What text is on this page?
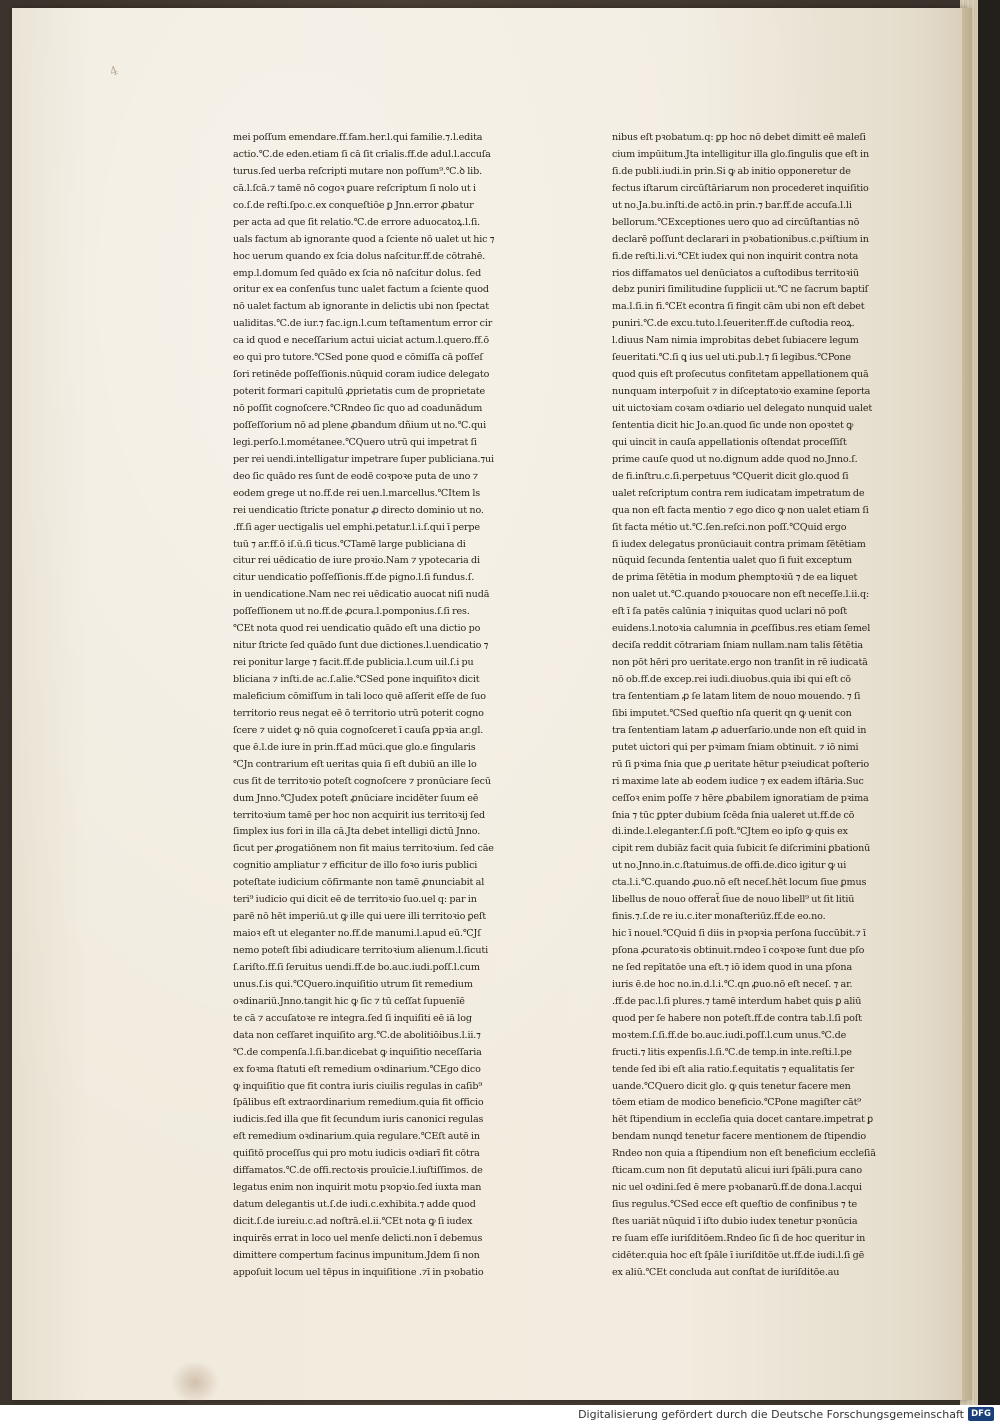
4
mei poſſum emendare.ff.fam.her.l.qui familie.⁊.l.edita
actio.℃.de eden.etiam ſi cā ſit crīalis.ff.de adul.l.accuſa
turus.ſed uerba reſcripti mutare non poſſum⁹.℃.ꝺ lib.
cā.l.ſcā.⁊ tamē nō cogoꝛ ꝑuare reſcriptum ſi nolo ut i
co.ſ.de reſti.ſpo.c.ex conqueſtiōe ꝑ Jnn.error ꝓbatur
per acta ad que ſit relatio.℃.de errore aduocatoꝝ.l.ſi.
uals factum ab ignorante quod a ſciente nō ualet ut hic ⁊
hoc uerum quando ex ſcia dolus naſcitur.ff.de cōtrahē.
emp.l.domum ſed quādo ex ſcia nō naſcitur dolus. ſed
oritur ex ea conſenſus tunc ualet factum a ſciente quod
nō ualet factum ab ignorante in delictis ubi non ſpectat
ualiditas.℃.de iur.⁊ fac.ign.l.cum teſtamentum error cir
ca id quod e neceſſarium actui uiciat actum.l.quero.ff.ō
eo qui pro tutore.℃Sed pone quod e cōmiſſa cā poſſeſ
ſori retinēde poſſeſſionis.nūquid coram iudice delegato
poterit formari capitulū ꝓprietatis cum de proprietate
nō poſſit cognoſcere.℃Rndeo ſic quo ad coadunādum
poſſeſſorium nō ad plene ꝓbandum dñium ut no.℃.qui
legi.perſo.l.mométanee.℃Quero utrū qui impetrat ſi
per rei uendi.intelligatur impetrare ſuper publiciana.⁊ui
deo ſic quādo res ſunt de eodē coꝛpoꝛe puta de uno ⁊
eodem grege ut no.ff.de rei uen.l.marcellus.℃Item ls
rei uendicatio ſtricte ponatur ꝓ directo dominio ut no.
.ff.ſi ager uectigalis uel emphi.petatur.l.i.ſ.qui ī perpe
tuū ⁊ ar.ff.ō iſ.ū.ſi ticus.℃Tamē large publiciana di
citur rei uēdicatio de iure proꝛio.Nam ⁊ ypotecaria di
citur uendicatio poſſeſſionis.ff.de pigno.l.ſi fundus.ſ.
in uendicatione.Nam nec rei uēdicatio auocat niſi nudā
poſſeſſionem ut no.ff.de ꝓcura.l.pomponius.ſ.ſi res.
℃Et nota quod rei uendicatio quādo eſt una dictio po
nitur ſtricte ſed quādo ſunt due dictiones.l.uendicatio ⁊
rei ponitur large ⁊ facit.ff.de publicia.l.cum uil.ſ.i pu
bliciana ⁊ inſti.de ac.ſ.alie.℃Sed pone inquiſitoꝛ dicit
maleficium cōmiſſum in tali loco quē aſſerit eſſe de ſuo
territorio reus negat eē ō territorio utrū poterit cogno
ſcere ⁊ uidet ꝙ nō quia cognoſceret ī cauſa ꝑpꝛia ar.gl.
que ē.l.de iure in prin.ff.ad mūci.que glo.e ſingularis
℃Jn contrarium eſt ueritas quia ſi eſt dubiū an ille lo
cus ſit de territoꝛio poteſt cognoſcere ⁊ pronūciare ſecū
dum Jnno.℃Judex poteſt ꝓnūciare incidēter ſuum eē
territoꝛium tamē per hoc non acquirit ius territoꝛij ſed
ſimplex ius fori in illa cā.Jta debet intelligi dictū Jnno.
ſicut per ꝓrogatiōnem non fit maius territoꝛium. ſed cāe
cognitio ampliatur ⁊ efficitur de illo foꝛo iuris publici
poteſtate iudicium cōfirmante non tamē ꝓnunciabit al
teri⁹ iudicio qui dicit eē de territoꝛio ſuo.uel q: par in
parē nō hēt imperiū.ut ꝙ ille qui uere illi territoꝛio ꝑeſt
maioꝛ eſt ut eleganter no.ff.de manumi.l.apud eū.℃Jſ
nemo poteſt ſibi adiudicare territoꝛium alienum.l.ſicuti
ſ.ariſto.ff.ſi ſeruitus uendi.ff.de bo.auc.iudi.poſſ.l.cum
unus.ſ.is qui.℃Quero.inquiſitio utrum ſit remedium
oꝛdinariū.Jnno.tangit hic ꝙ ſic ⁊ tū ceſſat ſupuenīē
te cā ⁊ accuſatoꝛe re integra.ſed ſi inquiſiti eē iā log
data non ceſſaret inquiſito arg.℃.de abolitiōibus.l.ii.⁊
℃.de compenſa.l.ſi.bar.dicebat ꝙ inquiſitio neceſſaria
ex foꝛma ſtatuti eſt remedium oꝛdinarium.℃Ego dico
ꝙ inquiſitio que fit contra iuris ciuilis regulas in caſib⁹
ſpālibus eſt extraordinarium remedium.quia fit officio
iudicis.ſed illa que fit ſecundum iuris canonici regulas
eſt remedium oꝛdinarium.quia regulare.℃Eſt autē in
quiſitō proceſſus qui pro motu iudicis oꝛdiarī fit cōtra
diffamatos.℃.de offi.rectoꝛis prouīcie.l.iuſtiſſimos. de
legatus enim non inquirit motu pꝛopꝛio.ſed iuxta man
datum delegantis ut.ſ.de iudi.c.exhibita.⁊ adde quod
dicit.ſ.de iureiu.c.ad noſtrā.el.ii.℃Et nota ꝙ ſi iudex
inquirēs errat in loco uel menſe delicti.non ī debemus
dimittere compertum facinus impunitum.Jdem ſi non
appoſuit locum uel tēpus in inquiſitione .⁊ī in pꝛobatio
nibus eſt pꝛobatum.q: ꝑp hoc nō debet dimitt eē maleſi
cium impūitum.Jta intelligitur illa glo.ſingulis que eſt in
ſi.de publi.iudi.in prin.Si ꝙ ab initio opponeretur de
fectus iſtarum circūſtāriarum non procederet inquiſitio
ut no.Ja.bu.inſti.de actō.in prin.⁊ bar.ff.de accuſa.l.li
bellorum.℃Exceptiones uero quo ad circūſtantias nō
declarē poſſunt declarari in pꝛobationibus.c.pꝛiſtium in
fi.de reſti.li.vi.℃Et iudex qui non inquirit contra nota
rios diffamatos uel denūciatos a cuſtodibus territoꝛiū
debz puniri ſimilitudine ſupplicii ut.℃ ne ſacrum baptiſ
ma.l.ſi.in fi.℃Et econtra ſi fingit cām ubi non eſt debet
puniri.℃.de excu.tuto.l.ſeueriter.ff.de cuſtodia reoꝝ.
l.diuus Nam nimia improbitas debet ſubiacere legum
ſeueritati.℃.ſi ꝗ ius uel uti.pub.l.⁊ ſi legibus.℃Pone
quod quis eſt proſecutus confitetam appellationem quā
nunquam interpoſuit ⁊ in diſceptatoꝛio examine ſeporta
uit uictoꝛiam coꝛam oꝛdiario uel delegato nunquid ualet
ſententia dicit hic Jo.an.quod ſic unde non opoꝛtet ꝙ
qui uincit in cauſa appellationis oſtendat proceſſiſt
prime cauſe quod ut no.dignum adde quod no.Jnno.ſ.
de fi.inſtru.c.ſi.perpetuus ℃Querit dicit glo.quod ſi
ualet reſcriptum contra rem iudicatam impetratum de
qua non eſt facta mentio ⁊ ego dico ꝙ non ualet etiam ſi
ſit facta métio ut.℃.ſen.reſci.non poſſ.℃Quid ergo
ſi iudex delegatus pronūciauit contra primam ſētētiam
nūquid ſecunda ſententia ualet quo ſi fuit exceptum
de prima ſētētia in modum ꝑhemptoꝛiū ⁊ de ea liquet
non ualet ut.℃.quando pꝛouocare non eſt neceſſe.l.ii.q:
eſt ī ſa patēs calūnia ⁊ iniquitas quod uclari nō poſt
euidens.l.notoꝛia calumnia in ꝓceſſibus.res etiam ſemel
deciſa reddit cōtrariam ſniam nullam.nam talis ſētētia
non pōt hēri pro ueritate.ergo non tranſit in rē iudicatā
nō ob.ff.de excep.rei iudi.diuobus.quia ibi qui eſt cō
tra ſententiam ꝓ ſe latam litem de nouo mouendo. ⁊ ſi
ſibi imputet.℃Sed queſtio nſa querit qn ꝙ uenit con
tra ſententiam latam ꝓ aduerſario.unde non eſt quid in
putet uictori qui per pꝛimam ſniam obtinuit. ⁊ iō nimi
rū ſi pꝛima ſnia que ꝓ ueritate hētur pꝛeiudicat poſterio
ri maxime late ab eodem iudice ⁊ ex eadem iſtāria.Suc
ceſſoꝛ enim poſſe ⁊ hēre ꝓbabilem ignoratiam de pꝛima
ſnia ⁊ tūc ꝑpter dubium ſcēda ſnia ualeret ut.ff.de cō
di.inde.l.eleganter.ſ.ſi poſt.℃Jtem eo ipſo ꝙ quis ex
cipit rem dubiāz facit quia ſubicit ſe diſcrimini ꝑbationū
ut no.Jnno.in.c.ſtatuimus.de offi.de.dico igitur ꝙ ui
cta.l.i.℃.quando ꝓuo.nō eſt neceſ.hēt locum ſiue ꝑmus
libellus de nouo offerat̄ ſiue de nouo libell⁹ ut ſit litiū
finis.⁊.ſ.de re iu.c.iter monaſteriūz.ff.de eo.no.
hic ī nouel.℃Quid ſi diis in pꝛopꝛia perſona ſuccūbit.⁊ ī
pſona ꝓcuratoꝛis obtinuit.rndeo ī coꝛpoꝛe ſunt due pſo
ne ſed repītatōe una eſt.⁊ iō idem quod in una pſona
iuris ē.de hoc no.in.d.l.i.℃.qn ꝓuo.nō eſt neceſ. ⁊ ar.
.ff.de pac.l.ſi plures.⁊ tamē interdum habet quis ꝑ aliū
quod per ſe habere non poteſt.ff.de contra tab.l.ſi poſt
moꝛtem.ſ.ſi.ff.de bo.auc.iudi.poſſ.l.cum unus.℃.de
fructi.⁊ litis expenſis.l.ſi.℃.de temp.in inte.reſti.l.pe
tende ſed ibi eſt alia ratio.f.equitatis ⁊ equalitatis ſer
uande.℃Quero dicit glo. ꝙ quis tenetur facere men
tōem etiam de modico beneficio.℃Pone magiſter cāt⁹
hēt ſtipendium in eccleſia quia docet cantare.impetrat ꝑ
bendam nunqd tenetur facere mentionem de ſtipendio
Rndeo non quia a ſtipendium non eſt beneficium eccleſiā
ſticam.cum non ſit deputatū alicui iuri ſpāli.pura cano
nic uel oꝛdini.ſed ē mere pꝛobanarū.ff.de dona.l.acqui
ſius regulus.℃Sed ecce eſt queſtio de confinibus ⁊ te
ſtes uariāt nūquid ī iſto dubio iudex tenetur pꝛonūcia
re ſuam eſſe iuriſditōem.Rndeo ſic ſi de hoc queritur in
cidēter.quia hoc eſt ſpāle ī iuriſditōe ut.ff.de iudi.l.ſi gē
ex aliū.℃Et concluda aut conſtat de iuriſditōe.au
Digitalisierung gefördert durch die Deutsche Forschungsgemeinschaft DFG
